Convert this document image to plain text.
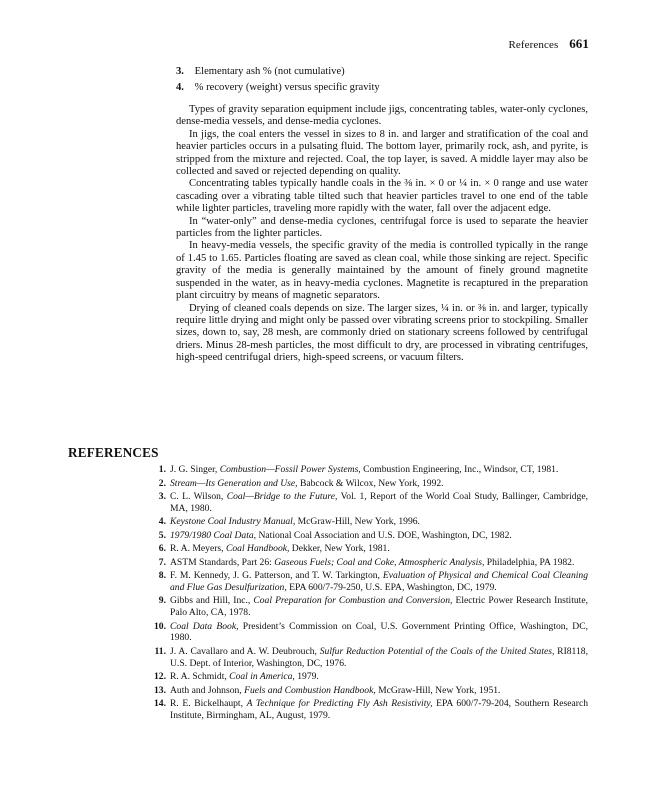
References 661
3. Elementary ash % (not cumulative)
4. % recovery (weight) versus specific gravity

Types of gravity separation equipment include jigs, concentrating tables, water-only cyclones, dense-media vessels, and dense-media cyclones.

In jigs, the coal enters the vessel in sizes to 8 in. and larger and stratification of the coal and heavier particles occurs in a pulsating fluid. The bottom layer, primarily rock, ash, and pyrite, is stripped from the mixture and rejected. Coal, the top layer, is saved. A middle layer may also be collected and saved or rejected depending on quality.

Concentrating tables typically handle coals in the ⅜ in. × 0 or ¼ in. × 0 range and use water cascading over a vibrating table tilted such that heavier particles travel to one end of the table while lighter particles, traveling more rapidly with the water, fall over the adjacent edge.

In “water-only” and dense-media cyclones, centrifugal force is used to separate the heavier particles from the lighter particles.

In heavy-media vessels, the specific gravity of the media is controlled typically in the range of 1.45 to 1.65. Particles floating are saved as clean coal, while those sinking are reject. Specific gravity of the media is generally maintained by the amount of finely ground magnetite suspended in the water, as in heavy-media cyclones. Magnetite is recaptured in the preparation plant circuitry by means of magnetic separators.

Drying of cleaned coals depends on size. The larger sizes, ¼ in. or ⅜ in. and larger, typically require little drying and might only be passed over vibrating screens prior to stockpiling. Smaller sizes, down to, say, 28 mesh, are commonly dried on stationary screens followed by centrifugal driers. Minus 28-mesh particles, the most difficult to dry, are processed in vibrating centrifuges, high-speed centrifugal driers, high-speed screens, or vacuum filters.

REFERENCES
1. J. G. Singer, Combustion—Fossil Power Systems, Combustion Engineering, Inc., Windsor, CT, 1981.
2. Stream—Its Generation and Use, Babcock & Wilcox, New York, 1992.
3. C. L. Wilson, Coal—Bridge to the Future, Vol. 1, Report of the World Coal Study, Ballinger, Cambridge, MA, 1980.
4. Keystone Coal Industry Manual, McGraw-Hill, New York, 1996.
5. 1979/1980 Coal Data, National Coal Association and U.S. DOE, Washington, DC, 1982.
6. R. A. Meyers, Coal Handbook, Dekker, New York, 1981.
7. ASTM Standards, Part 26: Gaseous Fuels; Coal and Coke, Atmospheric Analysis, Philadelphia, PA 1982.
8. F. M. Kennedy, J. G. Patterson, and T. W. Tarkington, Evaluation of Physical and Chemical Coal Cleaning and Flue Gas Desulfurization, EPA 600/7-79-250, U.S. EPA, Washington, DC, 1979.
9. Gibbs and Hill, Inc., Coal Preparation for Combustion and Conversion, Electric Power Research Institute, Palo Alto, CA, 1978.
10. Coal Data Book, President’s Commission on Coal, U.S. Government Printing Office, Washington, DC, 1980.
11. J. A. Cavallaro and A. W. Deubrouch, Sulfur Reduction Potential of the Coals of the United States, RI8118, U.S. Dept. of Interior, Washington, DC, 1976.
12. R. A. Schmidt, Coal in America, 1979.
13. Auth and Johnson, Fuels and Combustion Handbook, McGraw-Hill, New York, 1951.
14. R. E. Bickelhaupt, A Technique for Predicting Fly Ash Resistivity, EPA 600/7-79-204, Southern Research Institute, Birmingham, AL, August, 1979.
